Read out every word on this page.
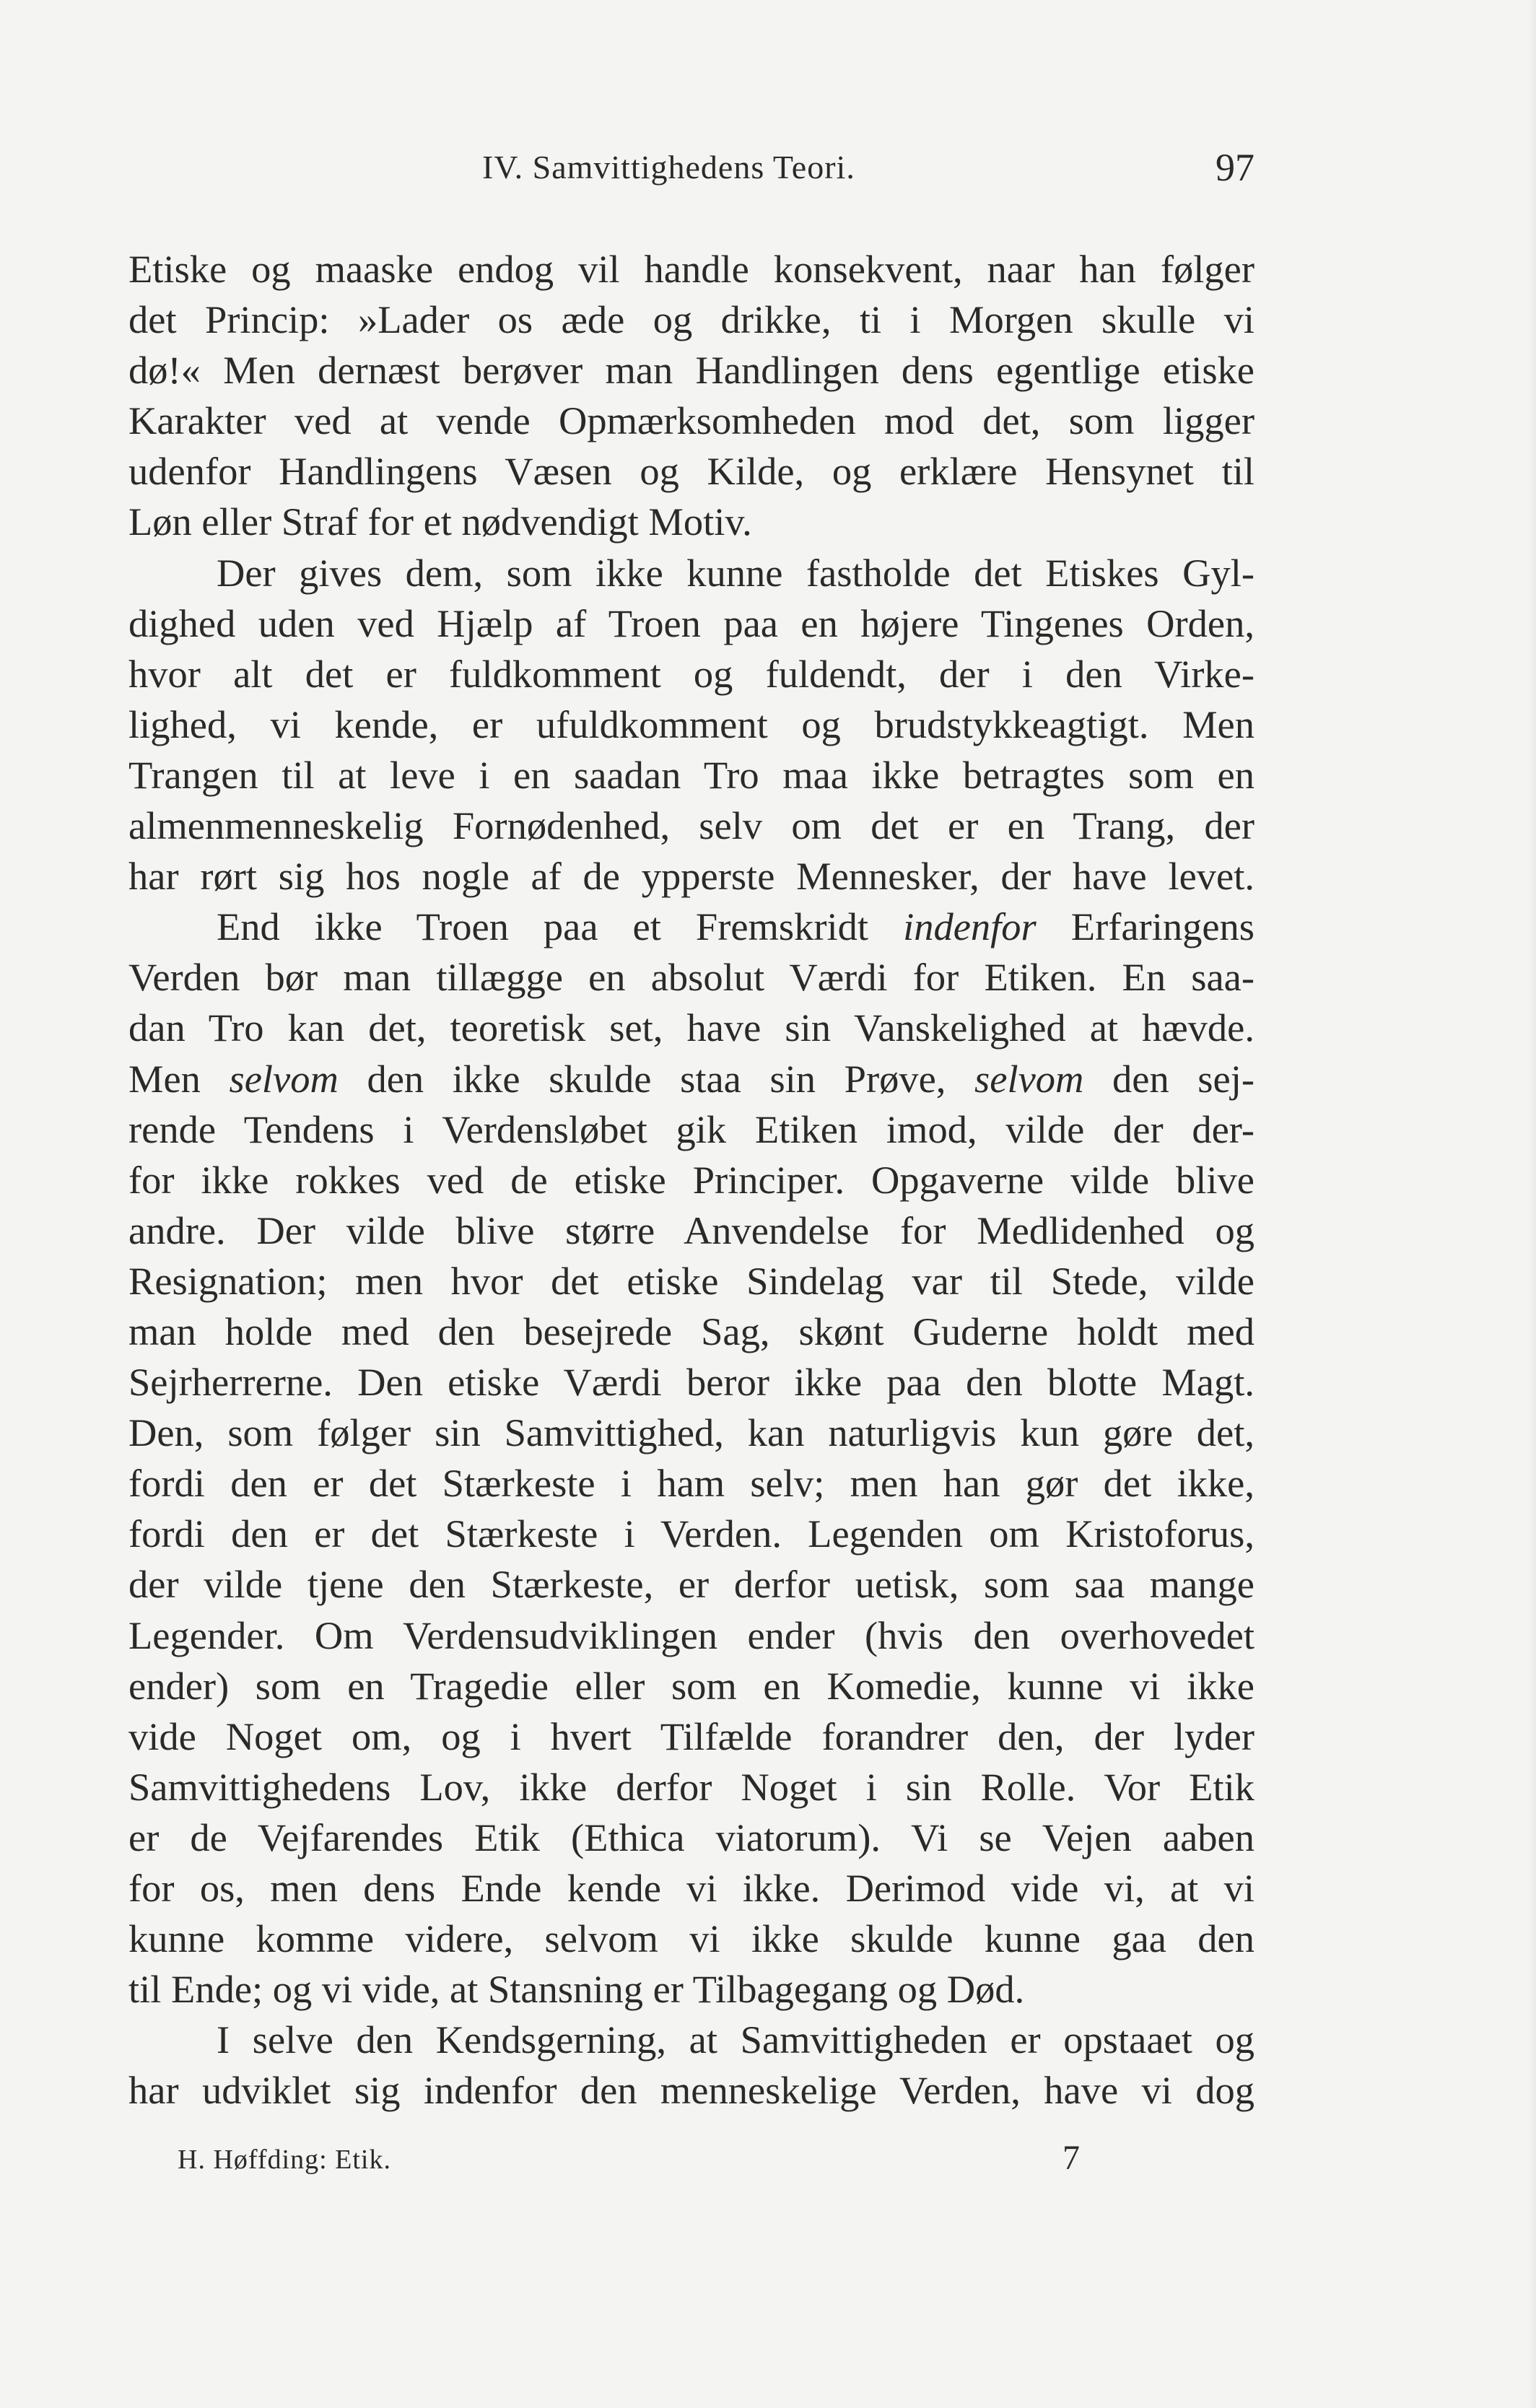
IV. Samvittighedens Teori.	97
Etiske og maaske endog vil handle konsekvent, naar han følger
det Princip: »Lader os æde og drikke, ti i Morgen skulle vi
dø!« Men dernæst berøver man Handlingen dens egentlige etiske
Karakter ved at vende Opmærksomheden mod det, som ligger
udenfor Handlingens Væsen og Kilde, og erklære Hensynet til
Løn eller Straf for et nødvendigt Motiv.
Der gives dem, som ikke kunne fastholde det Etiskes Gyl-
dighed uden ved Hjælp af Troen paa en højere Tingenes Orden,
hvor alt det er fuldkomment og fuldendt, der i den Virke-
lighed, vi kende, er ufuldkomment og brudstykkeagtigt. Men
Trangen til at leve i en saadan Tro maa ikke betragtes som en
almenmenneskelig Fornødenhed, selv om det er en Trang, der
har rørt sig hos nogle af de ypperste Mennesker, der have levet.
End ikke Troen paa et Fremskridt indenfor Erfaringens
Verden bør man tillægge en absolut Værdi for Etiken. En saa-
dan Tro kan det, teoretisk set, have sin Vanskelighed at hævde.
Men selvom den ikke skulde staa sin Prøve, selvom den sej-
rende Tendens i Verdensløbet gik Etiken imod, vilde der der-
for ikke rokkes ved de etiske Principer. Opgaverne vilde blive
andre. Der vilde blive større Anvendelse for Medlidenhed og
Resignation; men hvor det etiske Sindelag var til Stede, vilde
man holde med den besejrede Sag, skønt Guderne holdt med
Sejrherrerne. Den etiske Værdi beror ikke paa den blotte Magt.
Den, som følger sin Samvittighed, kan naturligvis kun gøre det,
fordi den er det Stærkeste i ham selv; men han gør det ikke,
fordi den er det Stærkeste i Verden. Legenden om Kristoforus,
der vilde tjene den Stærkeste, er derfor uetisk, som saa mange
Legender. Om Verdensudviklingen ender (hvis den overhovedet
ender) som en Tragedie eller som en Komedie, kunne vi ikke
vide Noget om, og i hvert Tilfælde forandrer den, der lyder
Samvittighedens Lov, ikke derfor Noget i sin Rolle. Vor Etik
er de Vejfarendes Etik (Ethica viatorum). Vi se Vejen aaben
for os, men dens Ende kende vi ikke. Derimod vide vi, at vi
kunne komme videre, selvom vi ikke skulde kunne gaa den
til Ende; og vi vide, at Stansning er Tilbagegang og Død.
I selve den Kendsgerning, at Samvittigheden er opstaaet og
har udviklet sig indenfor den menneskelige Verden, have vi dog
H. Høffding: Etik.	7
